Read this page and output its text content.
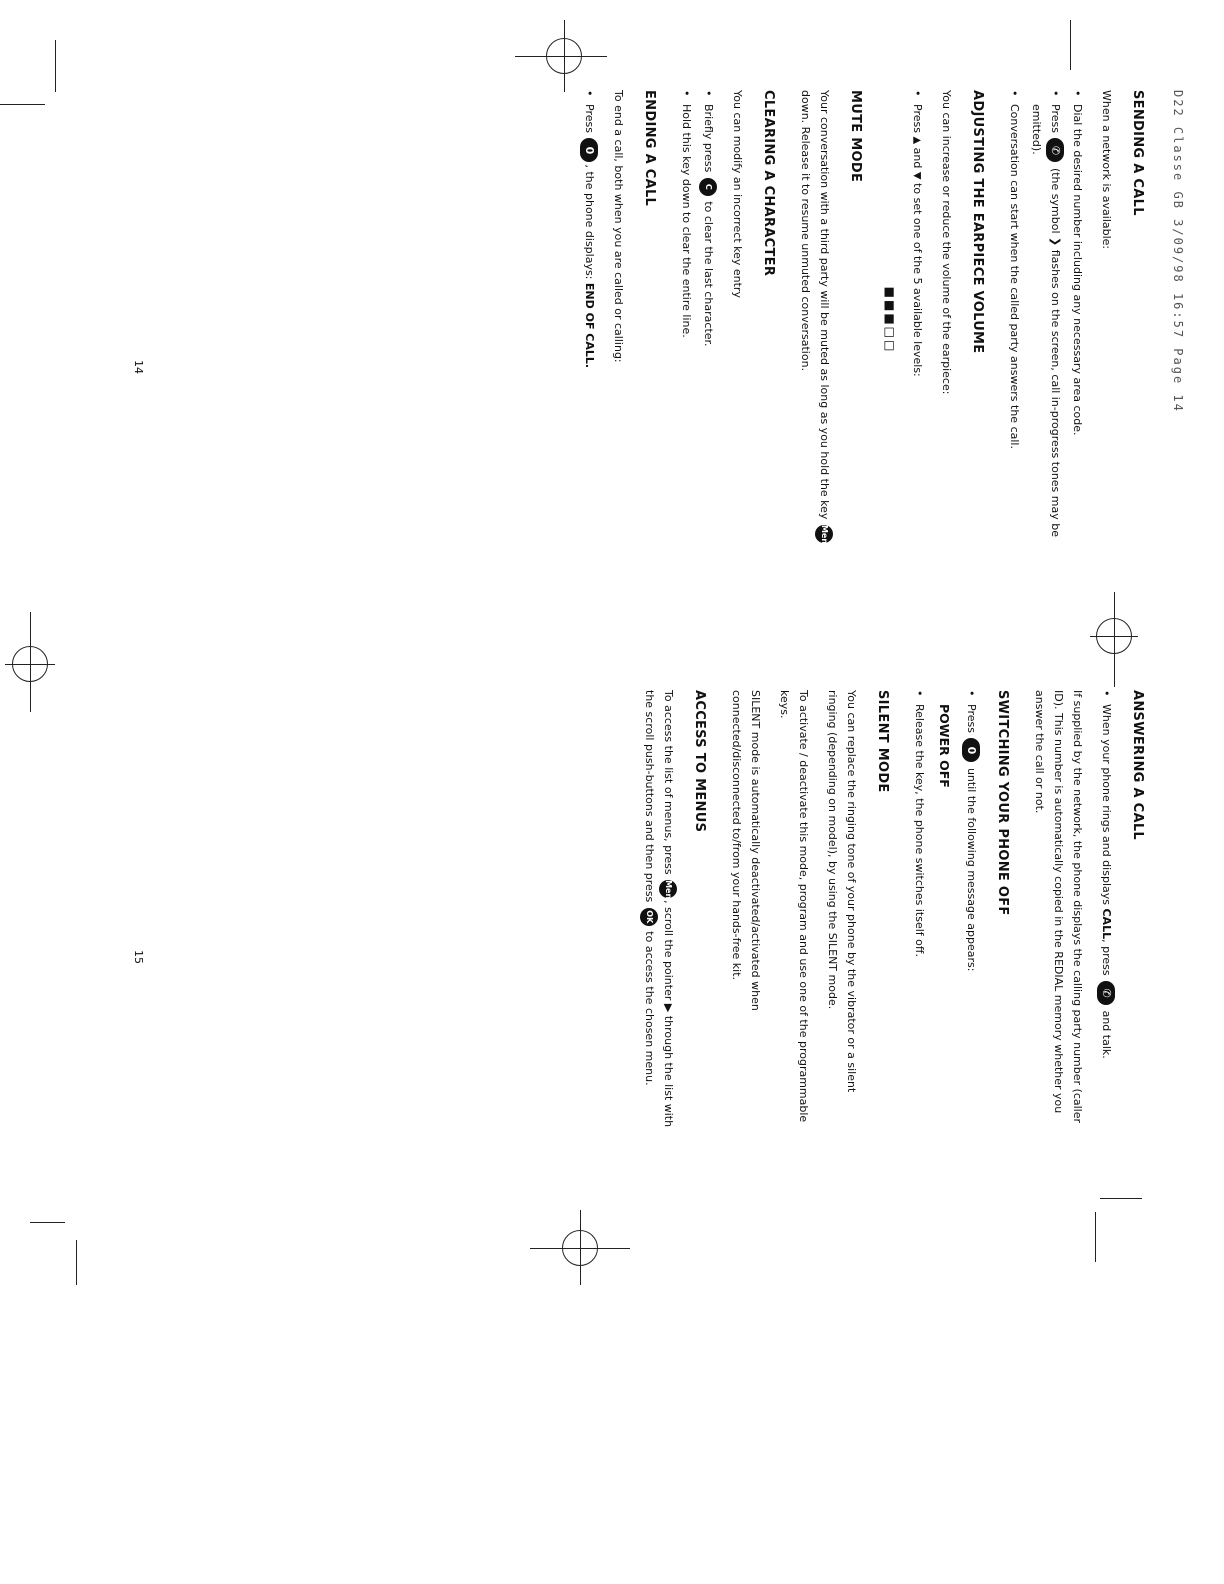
D22 Classe GB 3/09/98 16:57 Page 14
SENDING A CALL

When a network is available:

• Dial the desired number including any necessary area code.
• Press ✆ (the symbol ❯ flashes on the screen, call in-progress tones may be emitted).
• Conversation can start when the called party answers the call.
ADJUSTING THE EARPIECE VOLUME

You can increase or reduce the volume of the earpiece:

• Press ▲ and ▼ to set one of the 5 available levels:
■■■□□
MUTE MODE

Your conversation with a third party will be muted as long as you hold the key Menu down. Release it to resume unmuted conversation.

CLEARING A CHARACTER

You can modify an incorrect key entry

• Briefly press C to clear the last character.
• Hold this key down to clear the entire line.
ENDING A CALL

To end a call, both when you are called or calling:

• Press 0, the phone displays: END OF CALL.
ANSWERING A CALL
• When your phone rings and displays CALL, press ✆ and talk.

If supplied by the network, the phone displays the calling party number (caller ID). This number is automatically copied in the REDIAL memory whether you answer the call or not.

SWITCHING YOUR PHONE OFF
• Press 0 until the following message appears:
POWER OFF
• Release the key, the phone switches itself off.
SILENT MODE

You can replace the ringing tone of your phone by the vibrator or a silent ringing (depending on model), by using the SILENT mode.

To activate / deactivate this mode, program and use one of the programmable keys.

SILENT mode is automatically deactivated/activated when connected/disconnected to/from your hands-free kit.

ACCESS TO MENUS

To access the list of menus, press Menu, scroll the pointer ▶ through the list with the scroll push-buttons and then press OK to access the chosen menu.

14
15
